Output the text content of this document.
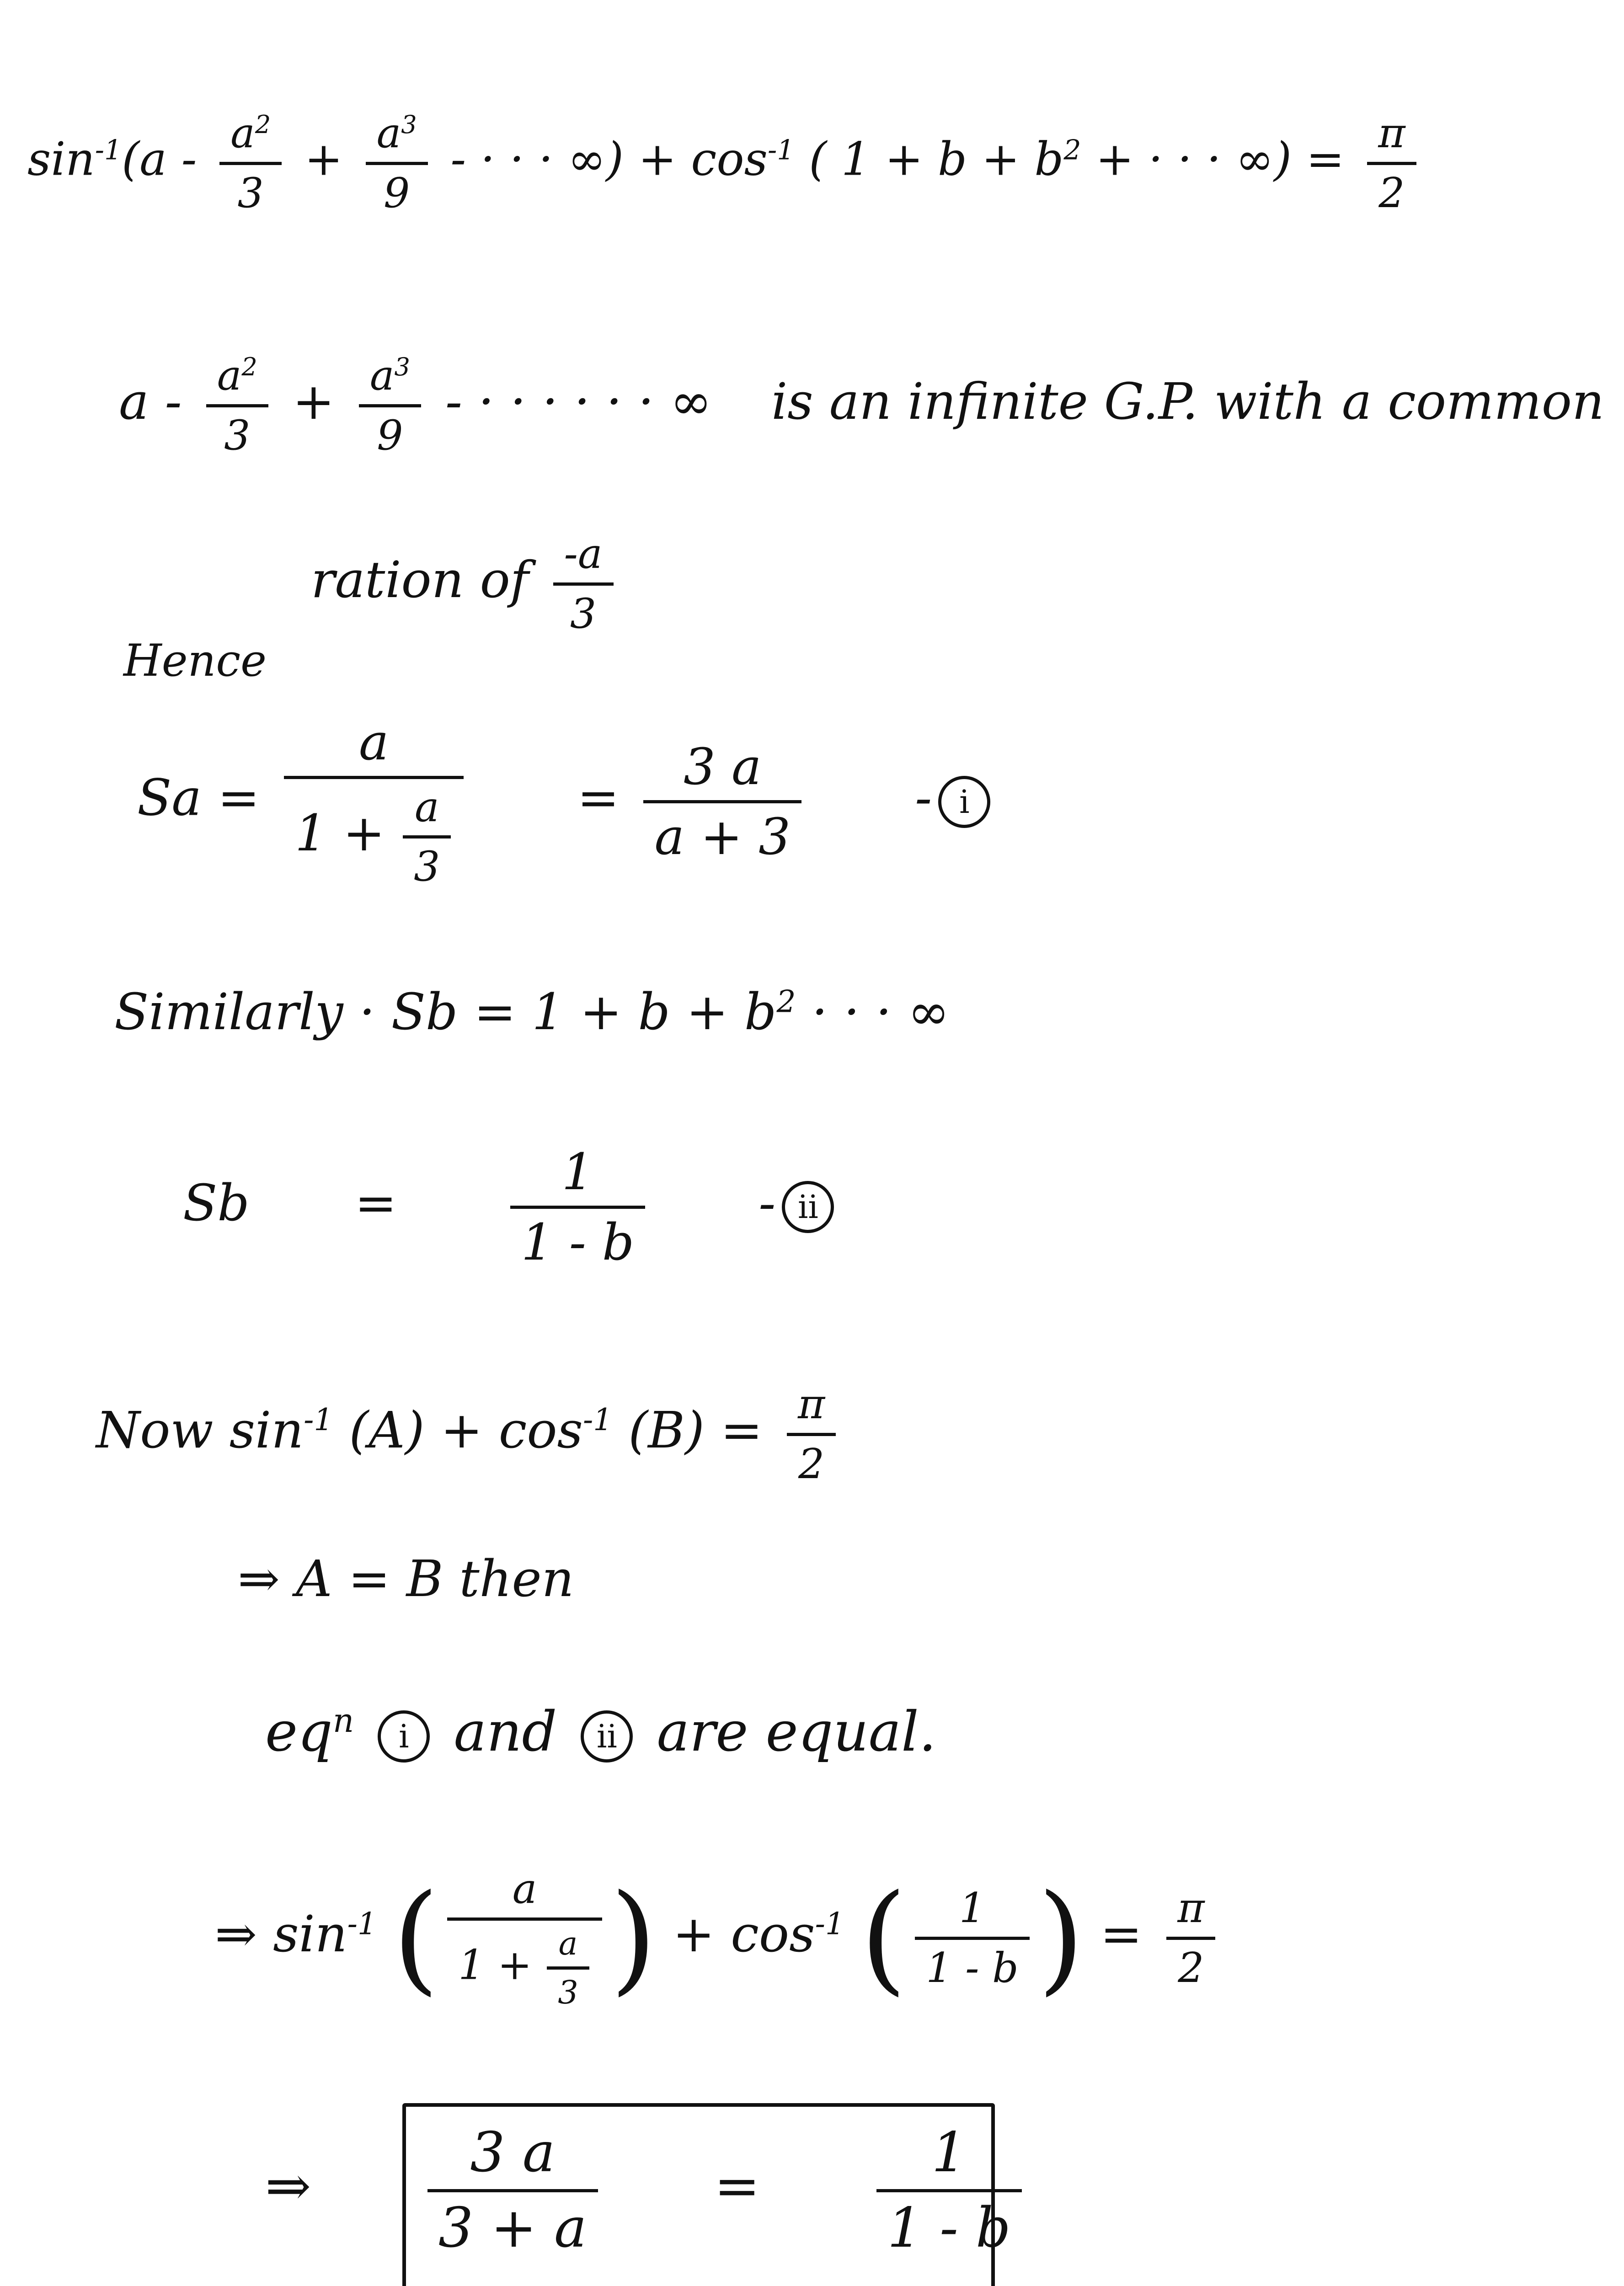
$\sin^{-1}(a - \frac{a^2}{3} + \frac{a^3}{9}$ - · · · ∞) + $\cos^{-1}$ ( $1 + b + b^2$ + · · · ∞) = $\frac{\pi}{2}$
$a - \frac{a^2}{3} + \frac{a^3}{9}$ - · · · · · · ∞ is an infinite G.P. with a common
ration of $\frac{-a}{3}$
Hence
$Sa = \frac{a}{1 + \frac{a}{3}} = \frac{3 a}{a + 3} - i$
Similarly · $Sb = 1 + b + b^2$ · · · ∞
$Sb = \frac{1}{1 - b}$ - ii
Now $\sin^{-1} (A) + \cos^{-1} (B) = \frac{\pi}{2}$
⇒ A = B then
$eq^n$ i and ii are equal.
⇒ $\sin^{-1}$ ( $\frac{a}{1 + \frac{a}{3}}$ ) + $\cos^{-1}$ ( $\frac{1}{1 - b}$ ) = $\frac{\pi}{2}$
⇒ $\frac{3 a}{3 + a} = \frac{1}{1 - b}$
